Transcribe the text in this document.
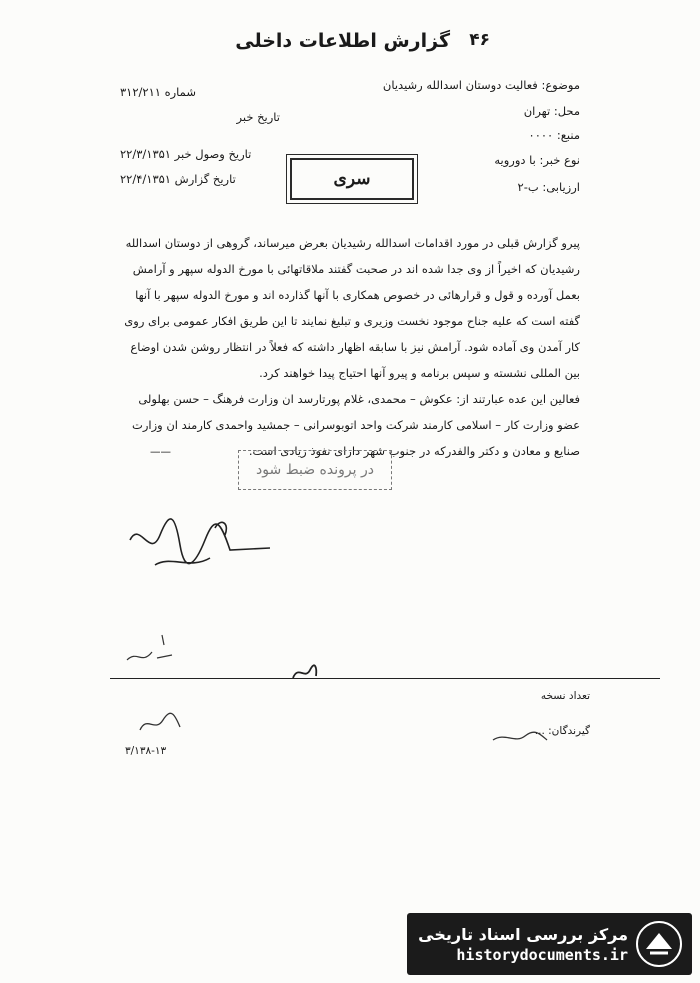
گزارش اطلاعات داخلی ۴۶
موضوع: فعالیت دوستان اسدالله رشیدیان
محل: تهران
منبع: ۰۰۰۰
نوع خبر: با دورویه
ارزیابی: ب-۲
شماره ۳۱۲/۲۱۱
تاریخ خبر
تاریخ وصول خبر ۲۲/۳/۱۳۵۱
تاریخ گزارش ۲۲/۴/۱۳۵۱	سری
پیرو گزارش قبلی در مورد اقدامات اسدالله رشیدیان بعرض میرساند، گروهی از دوستان اسدالله
رشیدیان که اخیراً از وی جدا شده اند در صحبت گفتند ملاقاتهائی با مورخ الدوله سپهر و آرامش
بعمل آورده و قول و قرارهائی در خصوص همکاری با آنها گذارده اند و مورخ الدوله سپهر با آنها
گفته است که علیه جناح موجود نخست وزیری و تبلیغ نمایند تا این طریق افکار عمومی برای روی
کار آمدن وی آماده شود. آرامش نیز با سابقه اظهار داشته که فعلاً در انتظار روشن شدن اوضاع
بین المللی نشسته و سپس برنامه و پیرو آنها احتیاج پیدا خواهند کرد.
فعالین این عده عبارتند از: عکوش – محمدی، غلام پورتارسد ان وزارت فرهنگ – حسن بهلولی
عضو وزارت کار – اسلامی کارمند شرکت واحد اتوبوسرانی – جمشید واحمدی کارمند ان وزارت
صنایع و معادن و دکتر والفدرکه در جنوب شهر دارای نفوذ زیادی است.
——
در پرونده ضبط شود
تعداد نسخه
گیرندگان: ...
۳/۱۳۸-۱۳
مرکز بررسی اسناد تاریخی
historydocuments.ir
